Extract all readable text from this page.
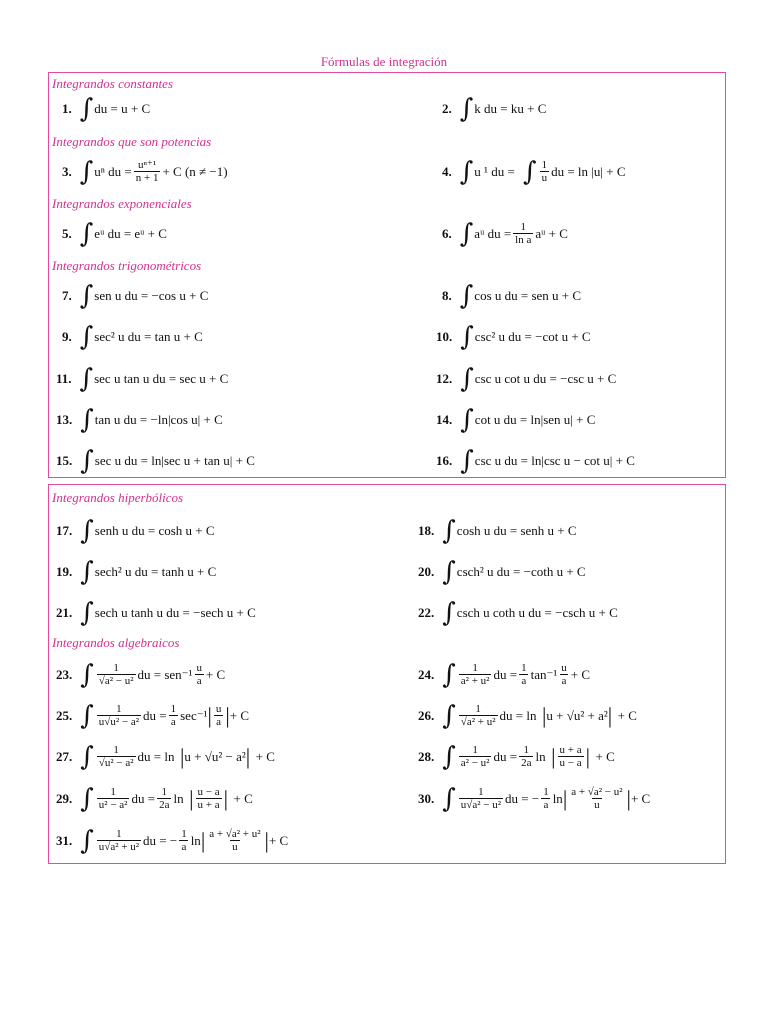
Fórmulas de integración
Integrandos constantes
Integrandos que son potencias
Integrandos exponenciales
Integrandos trigonométricos
Integrandos hiperbólicos
Integrandos algebraicos
1. ∫ du = u + C	2. ∫ k du = ku + C
3. ∫ uⁿ du = $\frac{\text{uⁿ⁺¹}}{n + 1} + C$ (n ≠ −1)	4. ∫ u ¹ du = ∫ $\frac{1}{u}$ du = ln |u| + C
5. ∫ eᵘ du = eᵘ + C	6. ∫ aᵘ du = $\frac{1}{\text{ln a}}$ aᵘ + C
7. ∫ sen u du = −cos u + C	8. ∫ cos u du = sen u + C
9. ∫ sec² u du = tan u + C	10. ∫ csc² u du = −cot u + C
11. ∫ sec u tan u du = sec u + C	12. ∫ csc u cot u du = −csc u + C
13. ∫ tan u du = −ln|cos u| + C	14. ∫ cot u du = ln|sen u| + C
15. ∫ sec u du = ln|sec u + tan u| + C	16. ∫ csc u du = ln|csc u − cot u| + C
17. ∫ senh u du = cosh u + C	18. ∫ cosh u du = senh u + C
19. ∫ sech² u du = tanh u + C	20. ∫ csch² u du = −coth u + C
21. ∫ sech u tanh u du = −sech u + C	22. ∫ csch u coth u du = −csch u + C
23. ∫ $\frac{1}{\text{√a² − u²}}$ du = $sen^{-1} \frac{u}{a} + C$	24. ∫ $\frac{1}{\text{a² + u²}}$ du = $\frac{1}{a} \tan^{-1} \frac{u}{a} + C$
25. ∫ $\frac{1}{\text{u√u² − a²}}$ du = $\frac{1}{a} \sec^{-1}$ | $\frac{u}{a}$ | + C	26. ∫ $\frac{1}{\text{√a² + u²}}$ du = ln | u + √u² + a² | + C
27. ∫ $\frac{1}{\text{√u² − a²}}$ du = ln | u + √u² − a² | + C	28. ∫ $\frac{1}{\text{a² − u²}}$ du = $\frac{1}{2a}$ ln | $\frac{u + a}{u - a}$ | + C
29. ∫ $\frac{1}{\text{u² − a²}}$ du = $\frac{1}{2a}$ ln | $\frac{u - a}{u + a}$ | + C	30. ∫ $\frac{1}{\text{u√a² − u²}}$ du = − $\frac{1}{a}$ ln | $\frac{\text{a + √a² − u²}}{u}$ | + C
31. ∫ $\frac{1}{\text{u√a² + u²}}$ du = − $\frac{1}{a}$ ln | $\frac{\text{a + √a² + u²}}{u}$ | + C
